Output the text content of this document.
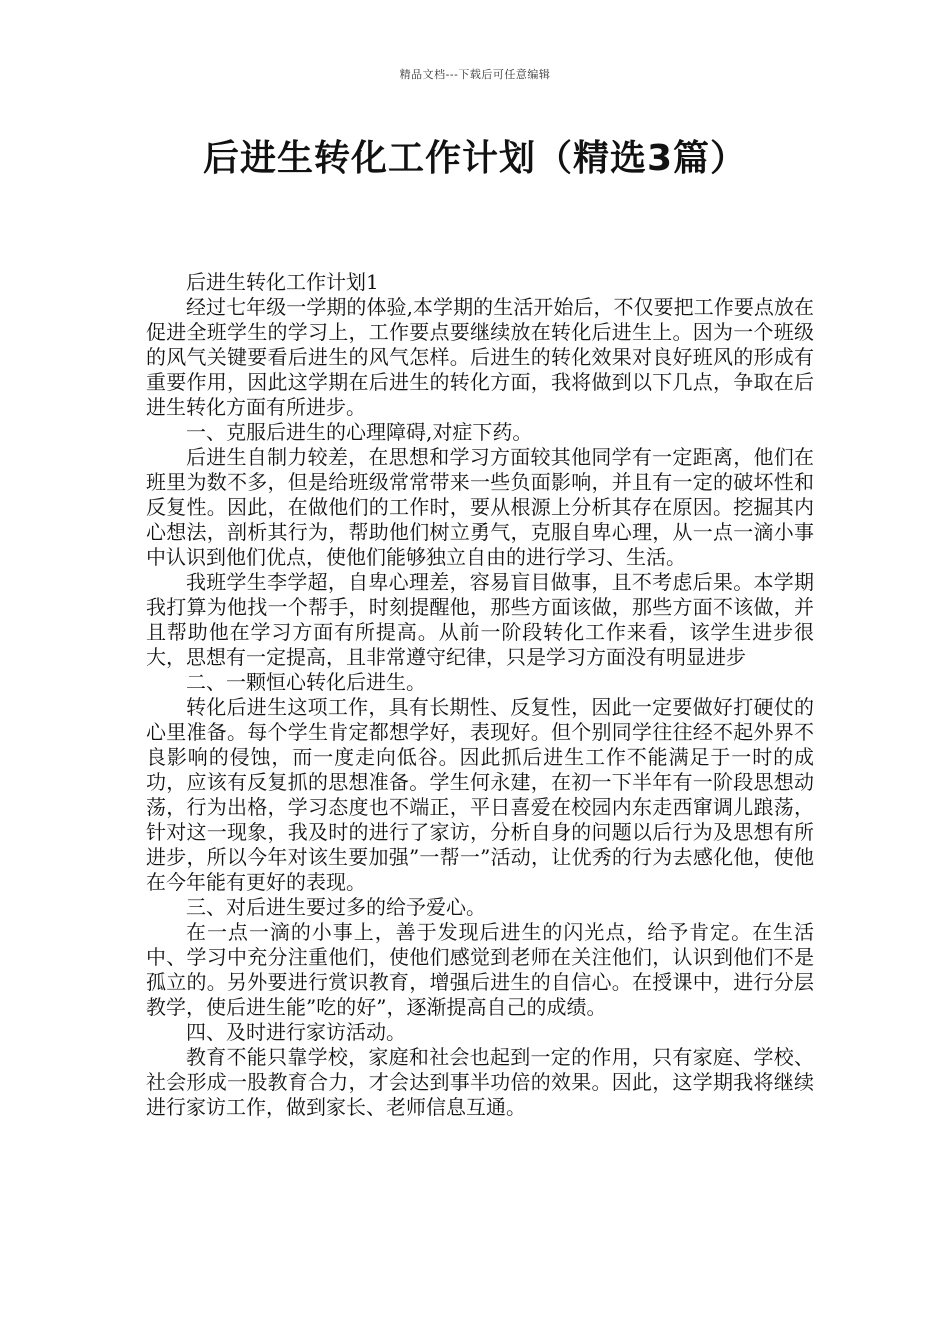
精品文档---下载后可任意编辑
后进生转化工作计划（精选3篇）

后进生转化工作计划1

经过七年级一学期的体验,本学期的生活开始后，不仅要把工作要点放在促进全班学生的学习上，工作要点要继续放在转化后进生上。因为一个班级的风气关键要看后进生的风气怎样。后进生的转化效果对良好班风的形成有重要作用，因此这学期在后进生的转化方面，我将做到以下几点，争取在后进生转化方面有所进步。

一、克服后进生的心理障碍,对症下药。

后进生自制力较差，在思想和学习方面较其他同学有一定距离，他们在班里为数不多，但是给班级常常带来一些负面影响，并且有一定的破坏性和反复性。因此，在做他们的工作时，要从根源上分析其存在原因。挖掘其内心想法，剖析其行为，帮助他们树立勇气，克服自卑心理，从一点一滴小事中认识到他们优点，使他们能够独立自由的进行学习、生活。

我班学生李学超，自卑心理差，容易盲目做事，且不考虑后果。本学期我打算为他找一个帮手，时刻提醒他，那些方面该做，那些方面不该做，并且帮助他在学习方面有所提高。从前一阶段转化工作来看，该学生进步很大，思想有一定提高，且非常遵守纪律，只是学习方面没有明显进步

二、一颗恒心转化后进生。

转化后进生这项工作，具有长期性、反复性，因此一定要做好打硬仗的心里准备。每个学生肯定都想学好，表现好。但个别同学往往经不起外界不良影响的侵蚀，而一度走向低谷。因此抓后进生工作不能满足于一时的成功，应该有反复抓的思想准备。学生何永建，在初一下半年有一阶段思想动荡，行为出格，学习态度也不端正，平日喜爱在校园内东走西窜调儿踉荡，针对这一现象，我及时的进行了家访，分析自身的问题以后行为及思想有所进步，所以今年对该生要加强”一帮一”活动，让优秀的行为去感化他，使他在今年能有更好的表现。

三、对后进生要过多的给予爱心。

在一点一滴的小事上，善于发现后进生的闪光点，给予肯定。在生活中、学习中充分注重他们，使他们感觉到老师在关注他们，认识到他们不是孤立的。另外要进行赏识教育，增强后进生的自信心。在授课中，进行分层教学，使后进生能”吃的好”，逐渐提高自己的成绩。

四、及时进行家访活动。

教育不能只靠学校，家庭和社会也起到一定的作用，只有家庭、学校、社会形成一股教育合力，才会达到事半功倍的效果。因此，这学期我将继续进行家访工作，做到家长、老师信息互通。
